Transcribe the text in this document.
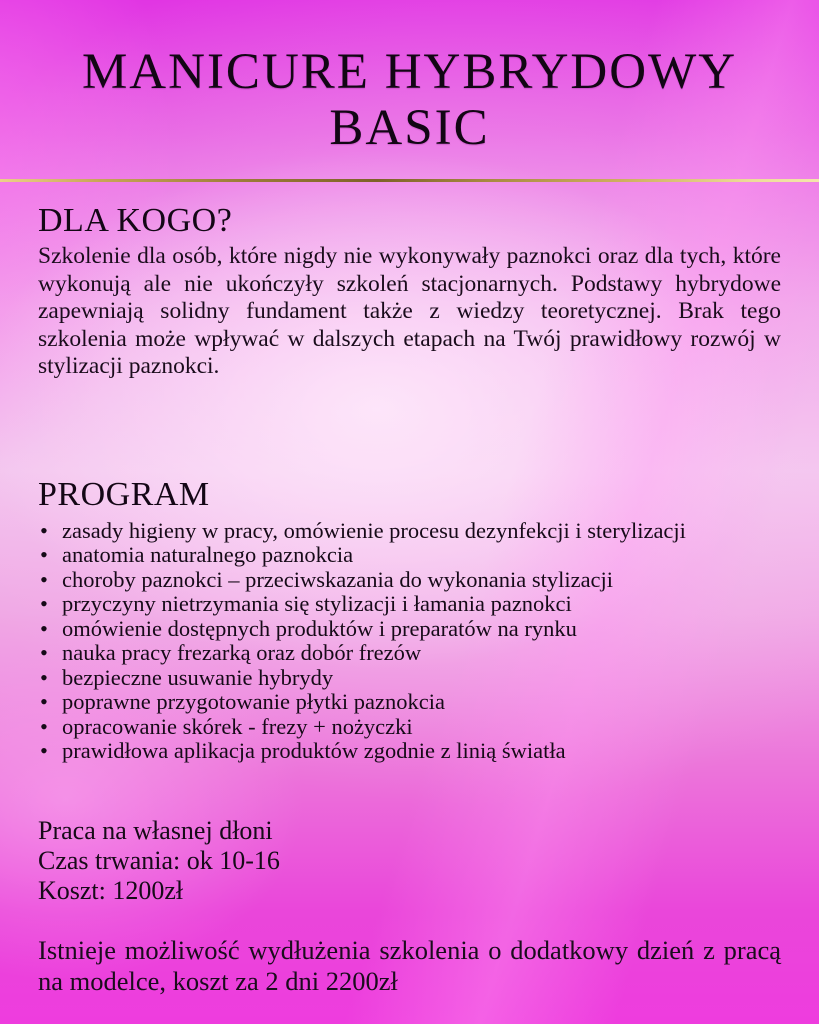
MANICURE HYBRYDOWY
BASIC
DLA KOGO?

Szkolenie dla osób, które nigdy nie wykonywały paznokci oraz dla tych, które wykonują ale nie ukończyły szkoleń stacjonarnych. Podstawy hybrydowe zapewniają solidny fundament także z wiedzy teoretycznej. Brak tego szkolenia może wpływać w dalszych etapach na Twój prawidłowy rozwój w stylizacji paznokci.

PROGRAM
• zasady higieny w pracy, omówienie procesu dezynfekcji i sterylizacji
• anatomia naturalnego paznokcia
• choroby paznokci – przeciwskazania do wykonania stylizacji
• przyczyny nietrzymania się stylizacji i łamania paznokci
• omówienie dostępnych produktów i preparatów na rynku
• nauka pracy frezarką oraz dobór frezów
• bezpieczne usuwanie hybrydy
• poprawne przygotowanie płytki paznokcia
• opracowanie skórek - frezy + nożyczki
• prawidłowa aplikacja produktów zgodnie z linią światła

Praca na własnej dłoni

Czas trwania: ok 10-16

Koszt: 1200zł

Istnieje możliwość wydłużenia szkolenia o dodatkowy dzień z pracą na modelce, koszt za 2 dni 2200zł
